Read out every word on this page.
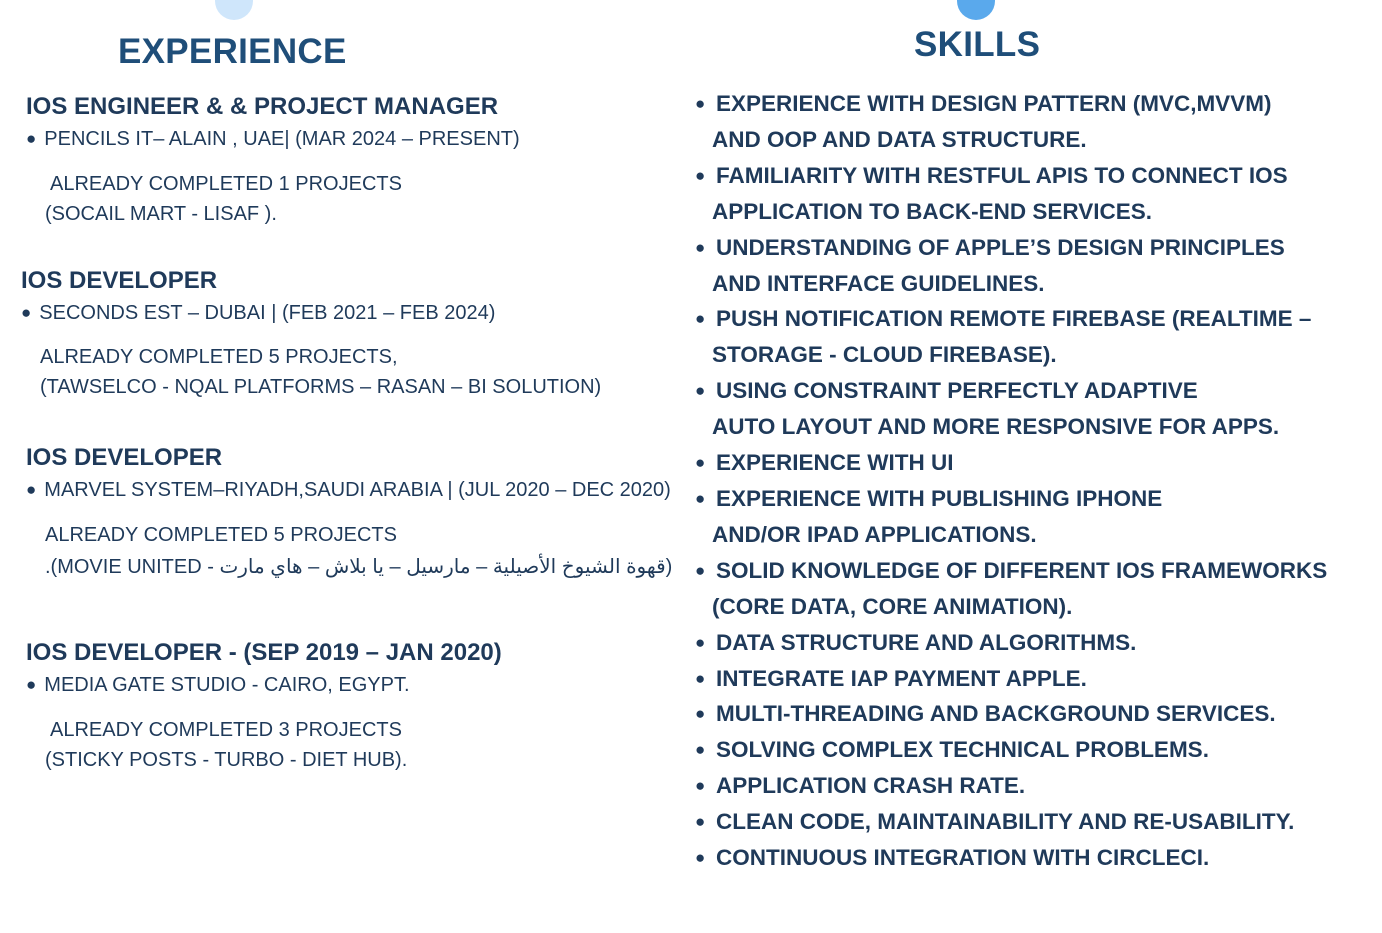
EXPERIENCE	SKILLS
IOS ENGINEER & & PROJECT MANAGER

● PENCILS IT– ALAIN , UAE| (MAR 2024 – PRESENT)

ALREADY COMPLETED 1 PROJECTS

(SOCAIL MART - LISAF ).

IOS DEVELOPER

● SECONDS EST – DUBAI | (FEB 2021 – FEB 2024)

ALREADY COMPLETED 5 PROJECTS,

(TAWSELCO - NQAL PLATFORMS – RASAN – BI SOLUTION)

IOS DEVELOPER

● MARVEL SYSTEM–RIYADH,SAUDI ARABIA | (JUL 2020 – DEC 2020)

ALREADY COMPLETED 5 PROJECTS

(قهوة الشيوخ الأصيلية – مارسيل – يا بلاش – هاي مارت - MOVIE UNITED).

IOS DEVELOPER - (SEP 2019 – JAN 2020)

● MEDIA GATE STUDIO - CAIRO, EGYPT.

ALREADY COMPLETED 3 PROJECTS

(STICKY POSTS - TURBO - DIET HUB).

● EXPERIENCE WITH DESIGN PATTERN (MVC,MVVM)
AND OOP AND DATA STRUCTURE.
● FAMILIARITY WITH RESTFUL APIS TO CONNECT IOS
APPLICATION TO BACK-END SERVICES.
● UNDERSTANDING OF APPLE’S DESIGN PRINCIPLES
AND INTERFACE GUIDELINES.
● PUSH NOTIFICATION REMOTE FIREBASE (REALTIME –
STORAGE - CLOUD FIREBASE).
● USING CONSTRAINT PERFECTLY ADAPTIVE
AUTO LAYOUT AND MORE RESPONSIVE FOR APPS.
● EXPERIENCE WITH UI
● EXPERIENCE WITH PUBLISHING IPHONE
AND/OR IPAD APPLICATIONS.
● SOLID KNOWLEDGE OF DIFFERENT IOS FRAMEWORKS
(CORE DATA, CORE ANIMATION).
● DATA STRUCTURE AND ALGORITHMS.
● INTEGRATE IAP PAYMENT APPLE.
● MULTI-THREADING AND BACKGROUND SERVICES.
● SOLVING COMPLEX TECHNICAL PROBLEMS.
● APPLICATION CRASH RATE.
● CLEAN CODE, MAINTAINABILITY AND RE-USABILITY.
● CONTINUOUS INTEGRATION WITH CIRCLECI.
